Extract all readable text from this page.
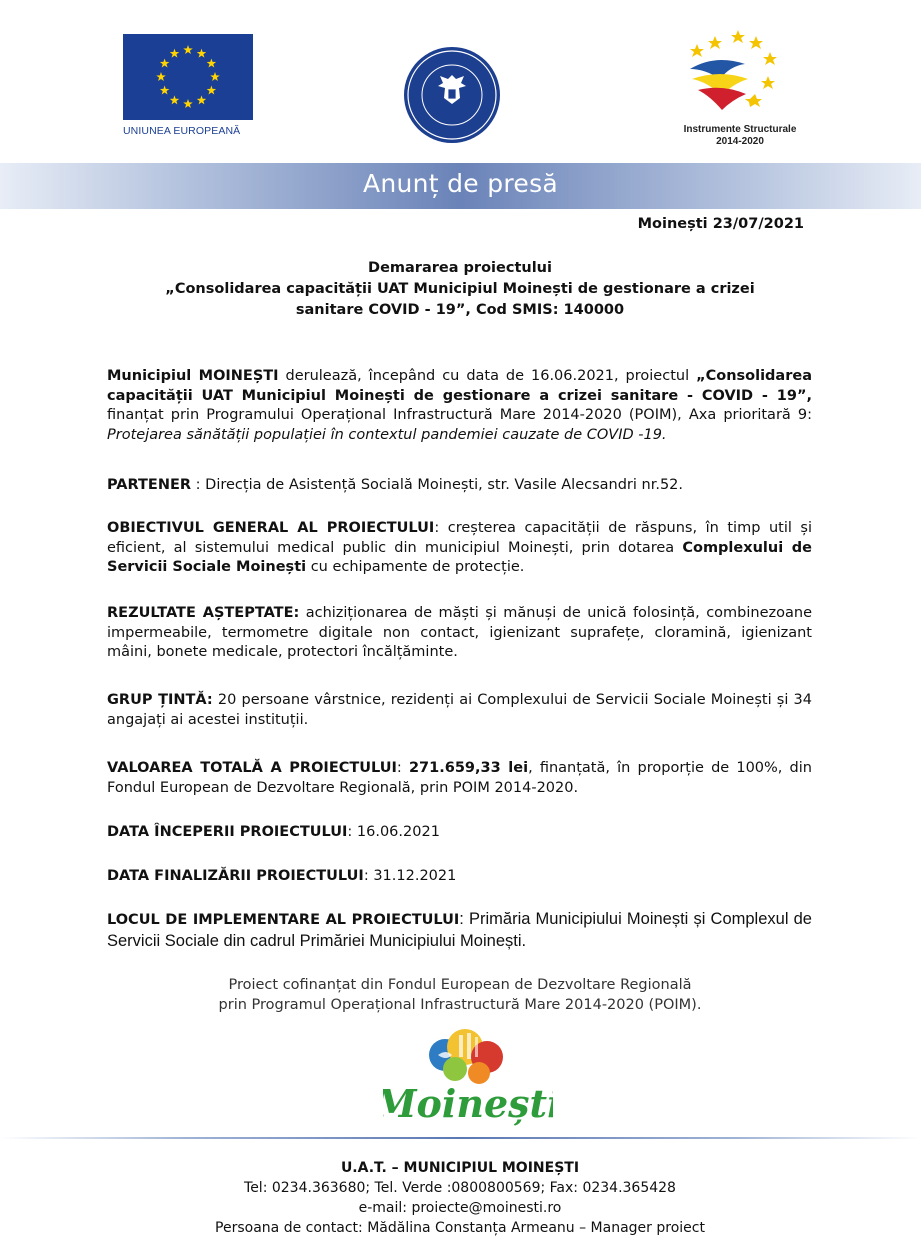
UNIUNEA EUROPEANĂ	Instrumente Structurale
2014-2020
Anunț de presă
Moinești 23/07/2021
Demararea proiectului
„Consolidarea capacității UAT Municipiul Moinești de gestionare a crizei
sanitare COVID - 19”, Cod SMIS: 140000
Municipiul MOINEȘTI derulează, începând cu data de 16.06.2021, proiectul „Consolidarea capacității UAT Municipiul Moinești de gestionare a crizei sanitare - COVID - 19”, finanțat prin Programului Operațional Infrastructură Mare 2014-2020 (POIM), Axa prioritară 9: Protejarea sănătății populației în contextul pandemiei cauzate de COVID -19.
PARTENER : Direcția de Asistență Socială Moinești, str. Vasile Alecsandri nr.52.
OBIECTIVUL GENERAL AL PROIECTULUI: creșterea capacității de răspuns, în timp util și eficient, al sistemului medical public din municipiul Moinești, prin dotarea Complexului de Servicii Sociale Moinești cu echipamente de protecție.
REZULTATE AȘTEPTATE: achiziționarea de măști și mănuși de unică folosință, combinezoane impermeabile, termometre digitale non contact, igienizant suprafețe, cloramină, igienizant mâini, bonete medicale, protectori încălțăminte.
GRUP ȚINTĂ: 20 persoane vârstnice, rezidenți ai Complexului de Servicii Sociale Moinești și 34 angajați ai acestei instituții.
VALOAREA TOTALĂ A PROIECTULUI: 271.659,33 lei, finanțată, în proporție de 100%, din Fondul European de Dezvoltare Regională, prin POIM 2014-2020.
DATA ÎNCEPERII PROIECTULUI: 16.06.2021
DATA FINALIZĂRII PROIECTULUI: 31.12.2021
LOCUL DE IMPLEMENTARE AL PROIECTULUI: Primăria Municipiului Moinești și Complexul de Servicii Sociale din cadrul Primăriei Municipiului Moinești.
Proiect cofinanțat din Fondul European de Dezvoltare Regională
prin Programul Operațional Infrastructură Mare 2014-2020 (POIM).
Moinești
U.A.T. – MUNICIPIUL MOINEȘTI
Tel: 0234.363680; Tel. Verde :0800800569; Fax: 0234.365428
e-mail: proiecte@moinesti.ro
Persoana de contact: Mădălina Constanța Armeanu – Manager proiect
